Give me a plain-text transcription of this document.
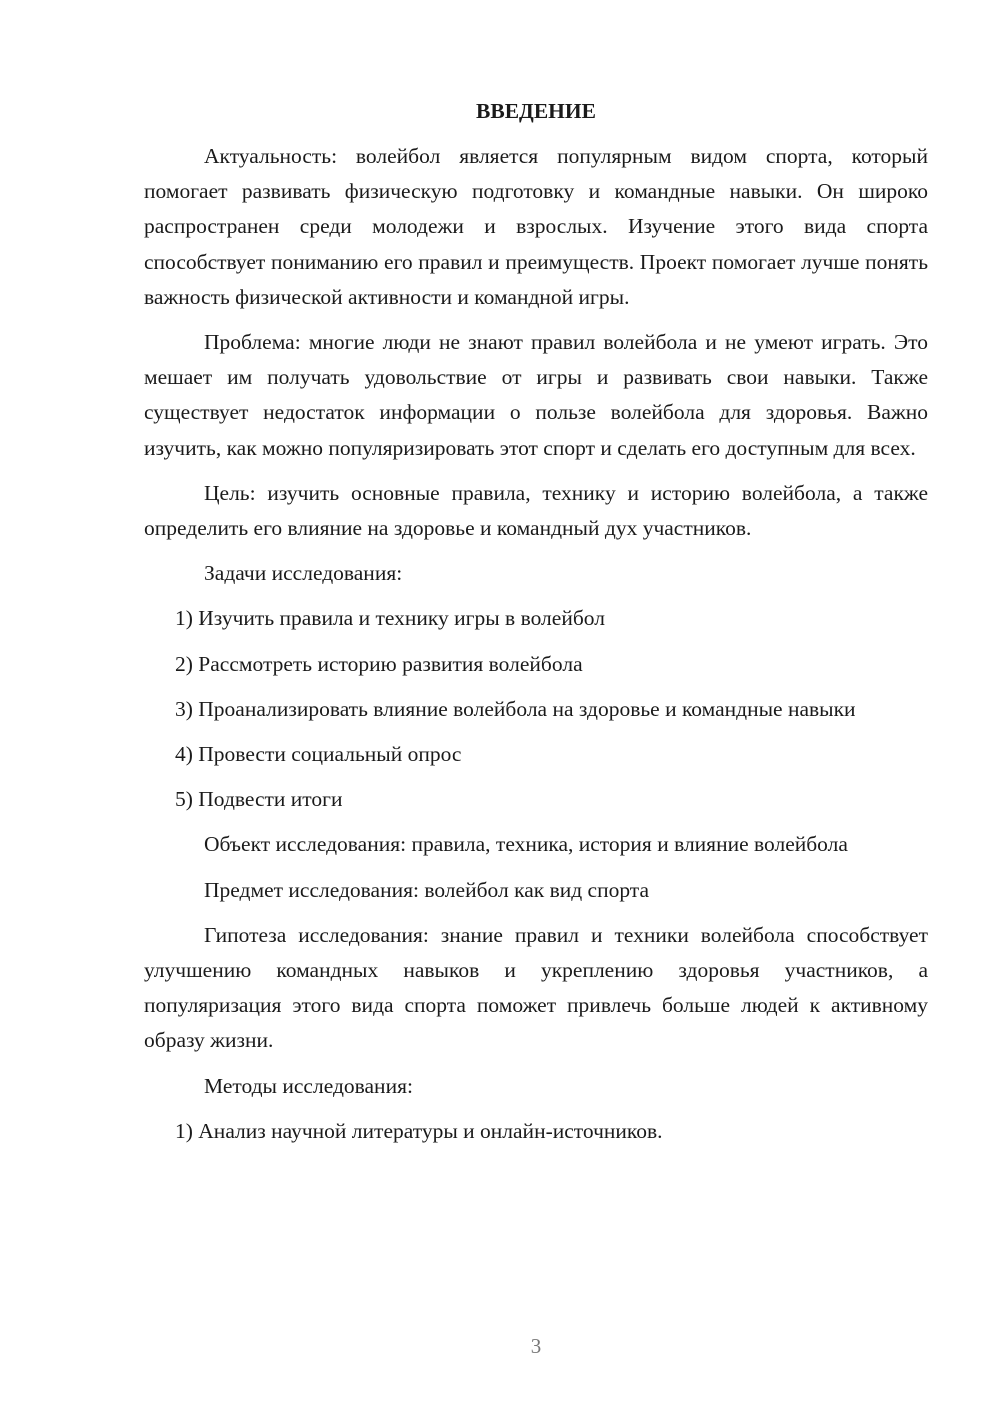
ВВЕДЕНИЕ

Актуальность: волейбол является популярным видом спорта, который помогает развивать физическую подготовку и командные навыки. Он широко распространен среди молодежи и взрослых. Изучение этого вида спорта способствует пониманию его правил и преимуществ. Проект помогает лучше понять важность физической активности и командной игры.

Проблема: многие люди не знают правил волейбола и не умеют играть. Это мешает им получать удовольствие от игры и развивать свои навыки. Также существует недостаток информации о пользе волейбола для здоровья. Важно изучить, как можно популяризировать этот спорт и сделать его доступным для всех.

Цель: изучить основные правила, технику и историю волейбола, а также определить его влияние на здоровье и командный дух участников.

Задачи исследования:

1) Изучить правила и технику игры в волейбол

2) Рассмотреть историю развития волейбола

3) Проанализировать влияние волейбола на здоровье и командные навыки

4) Провести социальный опрос

5) Подвести итоги

Объект исследования: правила, техника, история и влияние волейбола

Предмет исследования: волейбол как вид спорта

Гипотеза исследования: знание правил и техники волейбола способствует улучшению командных навыков и укреплению здоровья участников, а популяризация этого вида спорта поможет привлечь больше людей к активному образу жизни.

Методы исследования:

1) Анализ научной литературы и онлайн-источников.

3
